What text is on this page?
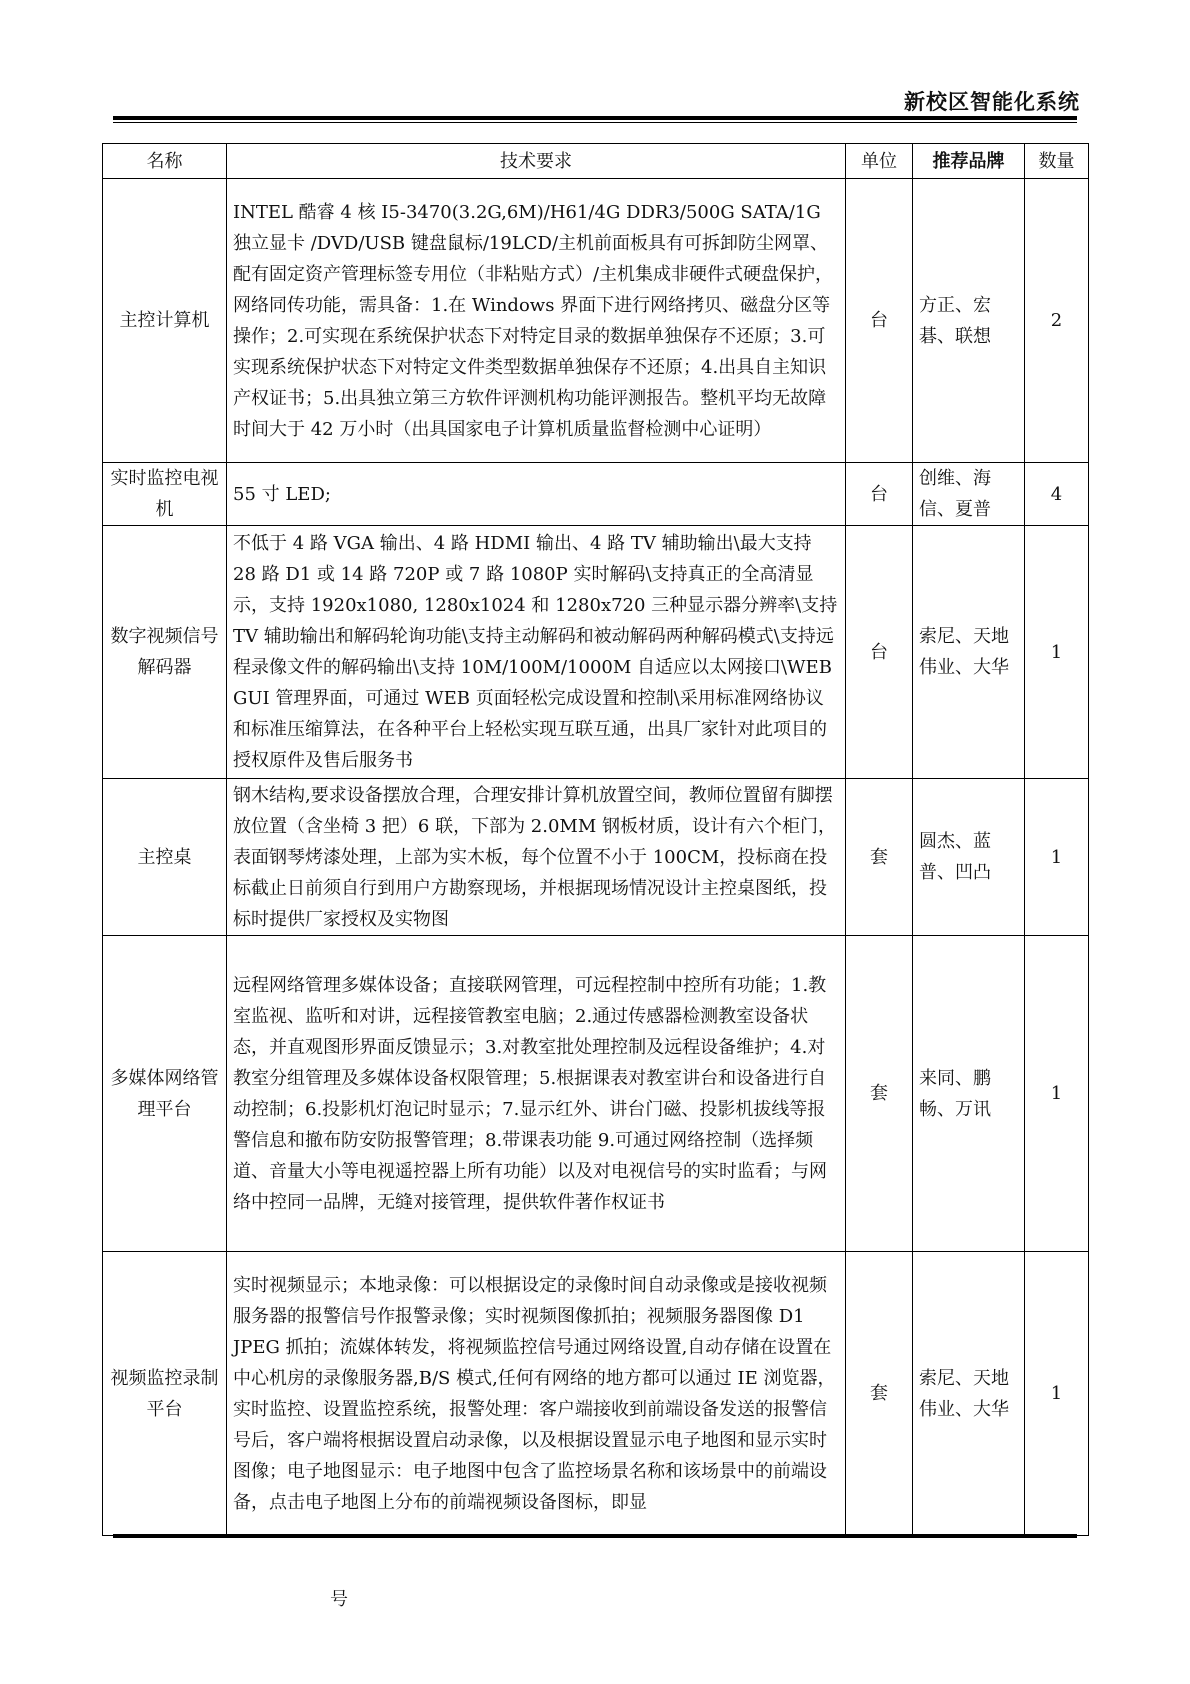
新校区智能化系统
名称	技术要求	单位	推荐品牌	数量
主控计算机	INTEL 酷睿 4 核 I5-3470(3.2G,6M)/H61/4G DDR3/500G SATA/1G 独立显卡 /DVD/USB 键盘鼠标/19LCD/主机前面板具有可拆卸防尘网罩、配有固定资产管理标签专用位（非粘贴方式）/主机集成非硬件式硬盘保护，网络同传功能，需具备：1.在 Windows 界面下进行网络拷贝、磁盘分区等操作；2.可实现在系统保护状态下对特定目录的数据单独保存不还原；3.可实现系统保护状态下对特定文件类型数据单独保存不还原；4.出具自主知识产权证书；5.出具独立第三方软件评测机构功能评测报告。整机平均无故障时间大于 42 万小时（出具国家电子计算机质量监督检测中心证明）	台	方正、宏碁、联想	2
实时监控电视机	55 寸 LED;	台	创维、海信、夏普	4
数字视频信号解码器	不低于 4 路 VGA 输出、4 路 HDMI 输出、4 路 TV 辅助输出\最大支持 28 路 D1 或 14 路 720P 或 7 路 1080P 实时解码\支持真正的全高清显示，支持 1920x1080, 1280x1024 和 1280x720 三种显示器分辨率\支持 TV 辅助输出和解码轮询功能\支持主动解码和被动解码两种解码模式\支持远程录像文件的解码输出\支持 10M/100M/1000M 自适应以太网接口\WEB GUI 管理界面，可通过 WEB 页面轻松完成设置和控制\采用标准网络协议和标准压缩算法，在各种平台上轻松实现互联互通，出具厂家针对此项目的授权原件及售后服务书	台	索尼、天地伟业、大华	1
主控桌	钢木结构,要求设备摆放合理，合理安排计算机放置空间，教师位置留有脚摆放位置（含坐椅 3 把）6 联，下部为 2.0MM 钢板材质，设计有六个柜门，表面钢琴烤漆处理，上部为实木板，每个位置不小于 100CM，投标商在投标截止日前须自行到用户方勘察现场，并根据现场情况设计主控桌图纸，投标时提供厂家授权及实物图	套	圆杰、蓝普、凹凸	1
多媒体网络管理平台	远程网络管理多媒体设备；直接联网管理，可远程控制中控所有功能；1.教室监视、监听和对讲，远程接管教室电脑；2.通过传感器检测教室设备状态，并直观图形界面反馈显示；3.对教室批处理控制及远程设备维护；4.对教室分组管理及多媒体设备权限管理；5.根据课表对教室讲台和设备进行自动控制；6.投影机灯泡记时显示；7.显示红外、讲台门磁、投影机拔线等报警信息和撤布防安防报警管理；8.带课表功能 9.可通过网络控制（选择频道、音量大小等电视遥控器上所有功能）以及对电视信号的实时监看；与网络中控同一品牌，无缝对接管理，提供软件著作权证书	套	来同、鹏畅、万讯	1
视频监控录制平台	实时视频显示；本地录像：可以根据设定的录像时间自动录像或是接收视频服务器的报警信号作报警录像；实时视频图像抓拍；视频服务器图像 D1 JPEG 抓拍；流媒体转发，将视频监控信号通过网络设置,自动存储在设置在中心机房的录像服务器,B/S 模式,任何有网络的地方都可以通过 IE 浏览器，实时监控、设置监控系统，报警处理：客户端接收到前端设备发送的报警信号后，客户端将根据设置启动录像，以及根据设置显示电子地图和显示实时图像；电子地图显示：电子地图中包含了监控场景名称和该场景中的前端设备，点击电子地图上分布的前端视频设备图标，即显	套	索尼、天地伟业、大华	1
号
